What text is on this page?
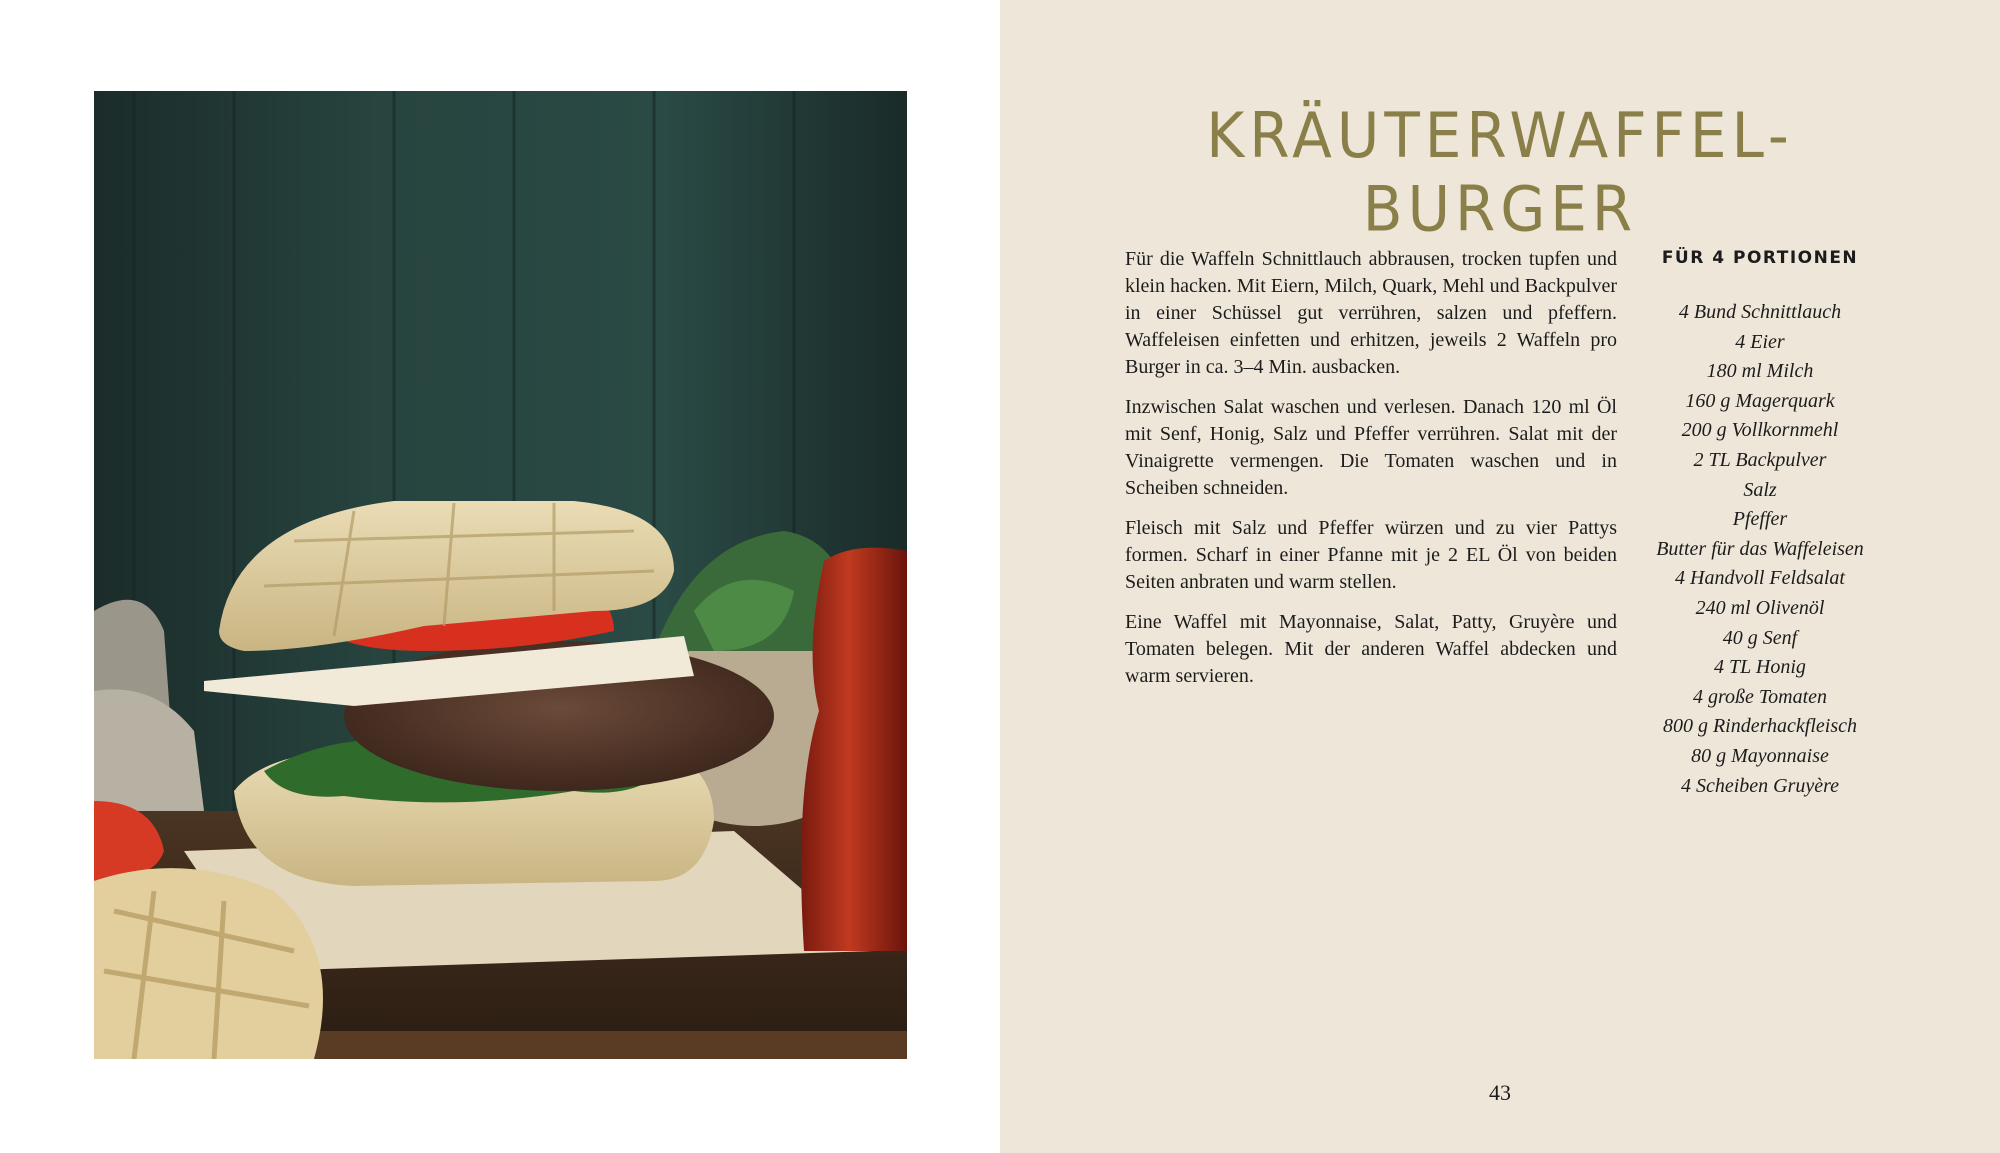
KRÄUTERWAFFEL-BURGER

Für die Waffeln Schnittlauch abbrausen, trocken tupfen und klein hacken. Mit Eiern, Milch, Quark, Mehl und Backpulver in einer Schüssel gut verrühren, salzen und pfeffern. Waffeleisen einfetten und erhitzen, jeweils 2 Waffeln pro Burger in ca. 3–4 Min. ausbacken.

Inzwischen Salat waschen und verlesen. Danach 120 ml Öl mit Senf, Honig, Salz und Pfeffer verrühren. Salat mit der Vinaigrette vermengen. Die Tomaten waschen und in Scheiben schneiden.

Fleisch mit Salz und Pfeffer würzen und zu vier Pattys formen. Scharf in einer Pfanne mit je 2 EL Öl von beiden Seiten anbraten und warm stellen.

Eine Waffel mit Mayonnaise, Salat, Patty, Gruyère und Tomaten belegen. Mit der anderen Waffel abdecken und warm servieren.

FÜR 4 PORTIONEN
4 Bund Schnittlauch
4 Eier
180 ml Milch
160 g Magerquark
200 g Vollkornmehl
2 TL Backpulver
Salz
Pfeffer
Butter für das Waffeleisen
4 Handvoll Feldsalat
240 ml Olivenöl
40 g Senf
4 TL Honig
4 große Tomaten
800 g Rinderhackfleisch
80 g Mayonnaise
4 Scheiben Gruyère
43
